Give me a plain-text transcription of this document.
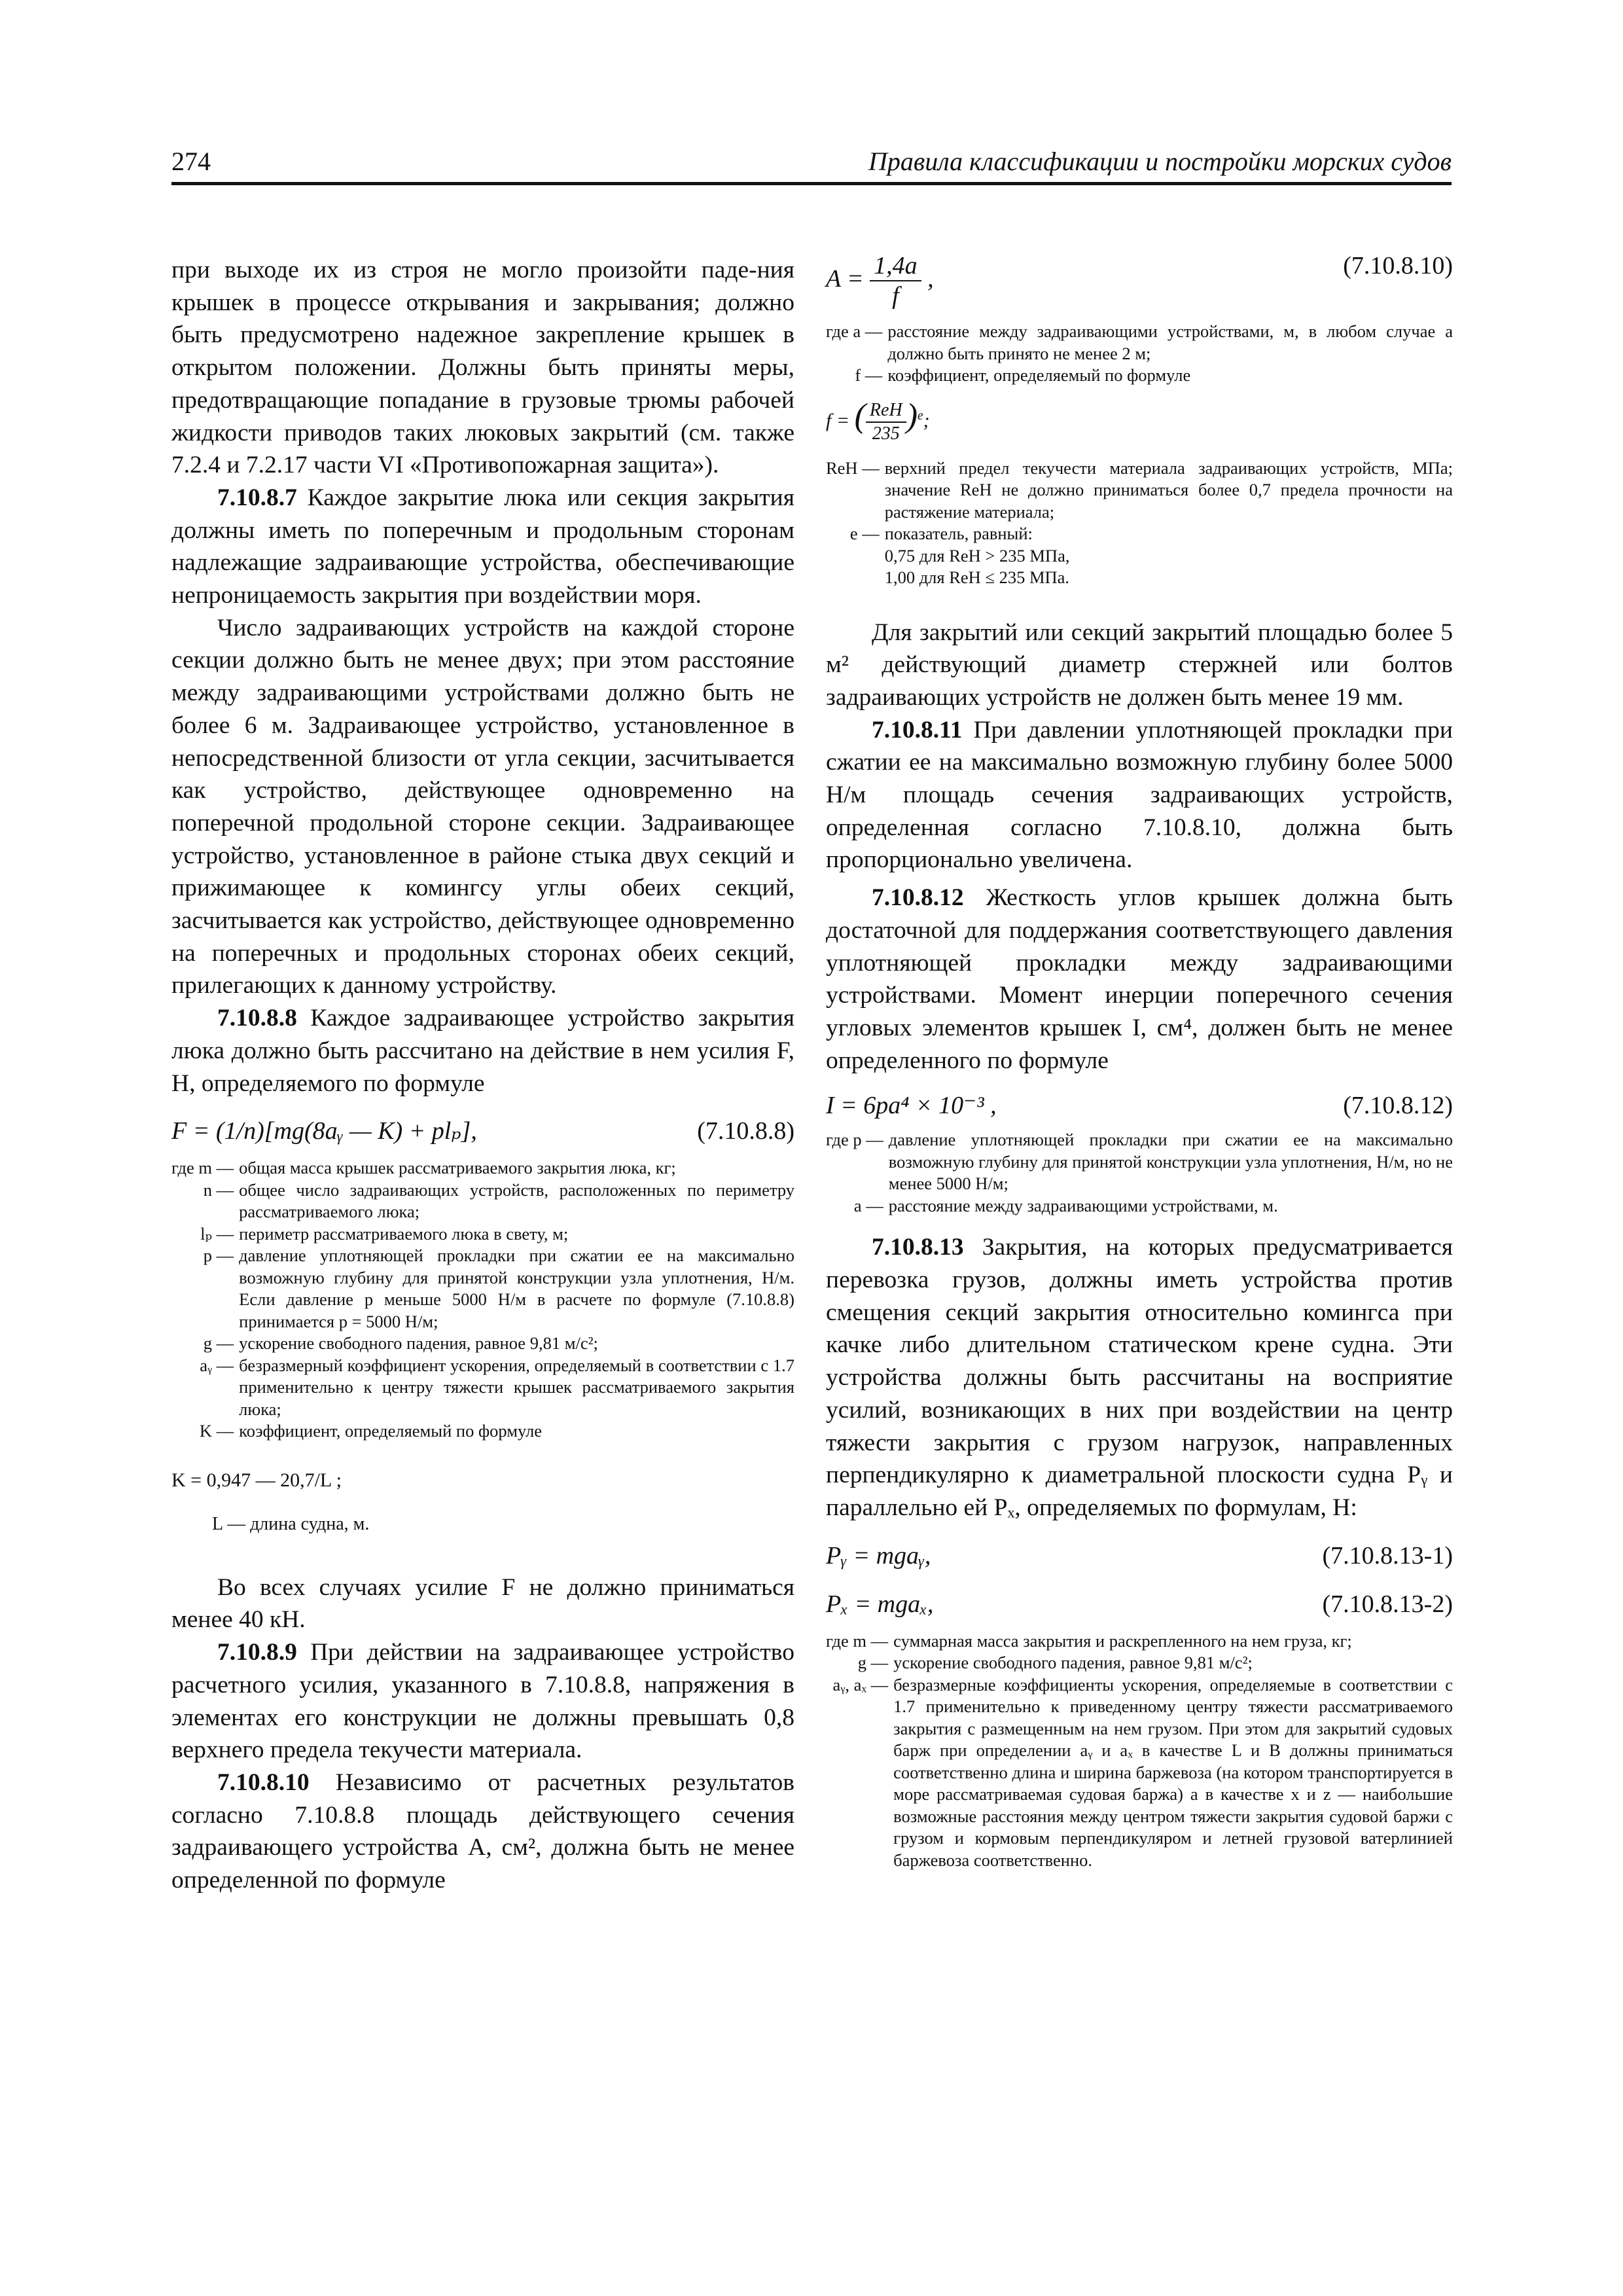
274	Правила классификации и постройки морских судов

при выходе их из строя не могло произойти паде-ния крышек в процессе открывания и закрывания; должно быть предусмотрено надежное закрепление крышек в открытом положении. Должны быть приняты меры, предотвращающие попадание в грузовые трюмы рабочей жидкости приводов таких люковых закрытий (см. также 7.2.4 и 7.2.17 части VI «Противопожарная защита»).

7.10.8.7 Каждое закрытие люка или секция закрытия должны иметь по поперечным и продольным сторонам надлежащие задраивающие устройства, обеспечивающие непроницаемость закрытия при воздействии моря.

Число задраивающих устройств на каждой стороне секции должно быть не менее двух; при этом расстояние между задраивающими устройствами должно быть не более 6 м. Задраивающее устройство, установленное в непосредственной близости от угла секции, засчитывается как устройство, действующее одновременно на поперечной продольной стороне секции. Задраивающее устройство, установленное в районе стыка двух секций и прижимающее к комингсу углы обеих секций, засчитывается как устройство, действующее одновременно на поперечных и продольных сторонах обеих секций, прилегающих к данному устройству.

7.10.8.8 Каждое задраивающее устройство закрытия люка должно быть рассчитано на действие в нем усилия F, Н, определяемого по формуле

F = (1/n)[mg(8aᵧ — K) + plₚ],	(7.10.8.8)
где m —	общая масса крышек рассматриваемого закрытия люка, кг;
n —	общее число задраивающих устройств, расположенных по периметру рассматриваемого люка;
lₚ —	периметр рассматриваемого люка в свету, м;
p —	давление уплотняющей прокладки при сжатии ее на максимально возможную глубину для принятой конструкции узла уплотнения, Н/м. Если давление p меньше 5000 Н/м в расчете по формуле (7.10.8.8) принимается p = 5000 Н/м;
g —	ускорение свободного падения, равное 9,81 м/с²;
aᵧ —	безразмерный коэффициент ускорения, определяемый в соответствии с 1.7 применительно к центру тяжести крышек рассматриваемого закрытия люка;
K —	коэффициент, определяемый по формуле
K = 0,947 — 20,7/L ;
L — длина судна, м.

Во всех случаях усилие F не должно приниматься менее 40 кН.

7.10.8.9 При действии на задраивающее устройство расчетного усилия, указанного в 7.10.8.8, напряжения в элементах его конструкции не должны превышать 0,8 верхнего предела текучести материала.

7.10.8.10 Независимо от расчетных результатов согласно 7.10.8.8 площадь действующего сечения задраивающего устройства A, см², должна быть не менее определенной по формуле

$A = \frac{1,4a}{f}$ ,	(7.10.8.10)
где a —	расстояние между задраивающими устройствами, м, в любом случае a должно быть принято не менее 2 м;
f —	коэффициент, определяемый по формуле
f = ( $\frac{\text{ReH}}{235} )^e$;
ReH —	верхний предел текучести материала задраивающих устройств, МПа; значение ReH не должно приниматься более 0,7 предела прочности на растяжение материала;
e —	показатель, равный:
	0,75 для ReH > 235 МПа,
	1,00 для ReH ≤ 235 МПа.

Для закрытий или секций закрытий площадью более 5 м² действующий диаметр стержней или болтов задраивающих устройств не должен быть менее 19 мм.

7.10.8.11 При давлении уплотняющей прокладки при сжатии ее на максимально возможную глубину более 5000 Н/м площадь сечения задраивающих устройств, определенная согласно 7.10.8.10, должна быть пропорционально увеличена.

7.10.8.12 Жесткость углов крышек должна быть достаточной для поддержания соответствующего давления уплотняющей прокладки между задраивающими устройствами. Момент инерции поперечного сечения угловых элементов крышек I, см⁴, должен быть не менее определенного по формуле

I = 6pa⁴ × 10⁻³ ,	(7.10.8.12)
где p —	давление уплотняющей прокладки при сжатии ее на максимально возможную глубину для принятой конструкции узла уплотнения, Н/м, но не менее 5000 Н/м;
a —	расстояние между задраивающими устройствами, м.

7.10.8.13 Закрытия, на которых предусматривается перевозка грузов, должны иметь устройства против смещения секций закрытия относительно комингса при качке либо длительном статическом крене судна. Эти устройства должны быть рассчитаны на восприятие усилий, возникающих в них при воздействии на центр тяжести закрытия с грузом нагрузок, направленных перпендикулярно к диаметральной плоскости судна Pᵧ и параллельно ей Pₓ, определяемых по формулам, Н:

Pᵧ = mgaᵧ,	(7.10.8.13-1)
Pₓ = mgaₓ,	(7.10.8.13-2)
где m —	суммарная масса закрытия и раскрепленного на нем груза, кг;
g —	ускорение свободного падения, равное 9,81 м/с²;
aᵧ, aₓ —	безразмерные коэффициенты ускорения, определяемые в соответствии с 1.7 применительно к приведенному центру тяжести рассматриваемого закрытия с размещенным на нем грузом. При этом для закрытий судовых барж при определении aᵧ и aₓ в качестве L и B должны приниматься соответственно длина и ширина баржевоза (на котором транспортируется в море рассматриваемая судовая баржа) а в качестве x и z — наибольшие возможные расстояния между центром тяжести закрытия судовой баржи с грузом и кормовым перпендикуляром и летней грузовой ватерлинией баржевоза соответственно.
